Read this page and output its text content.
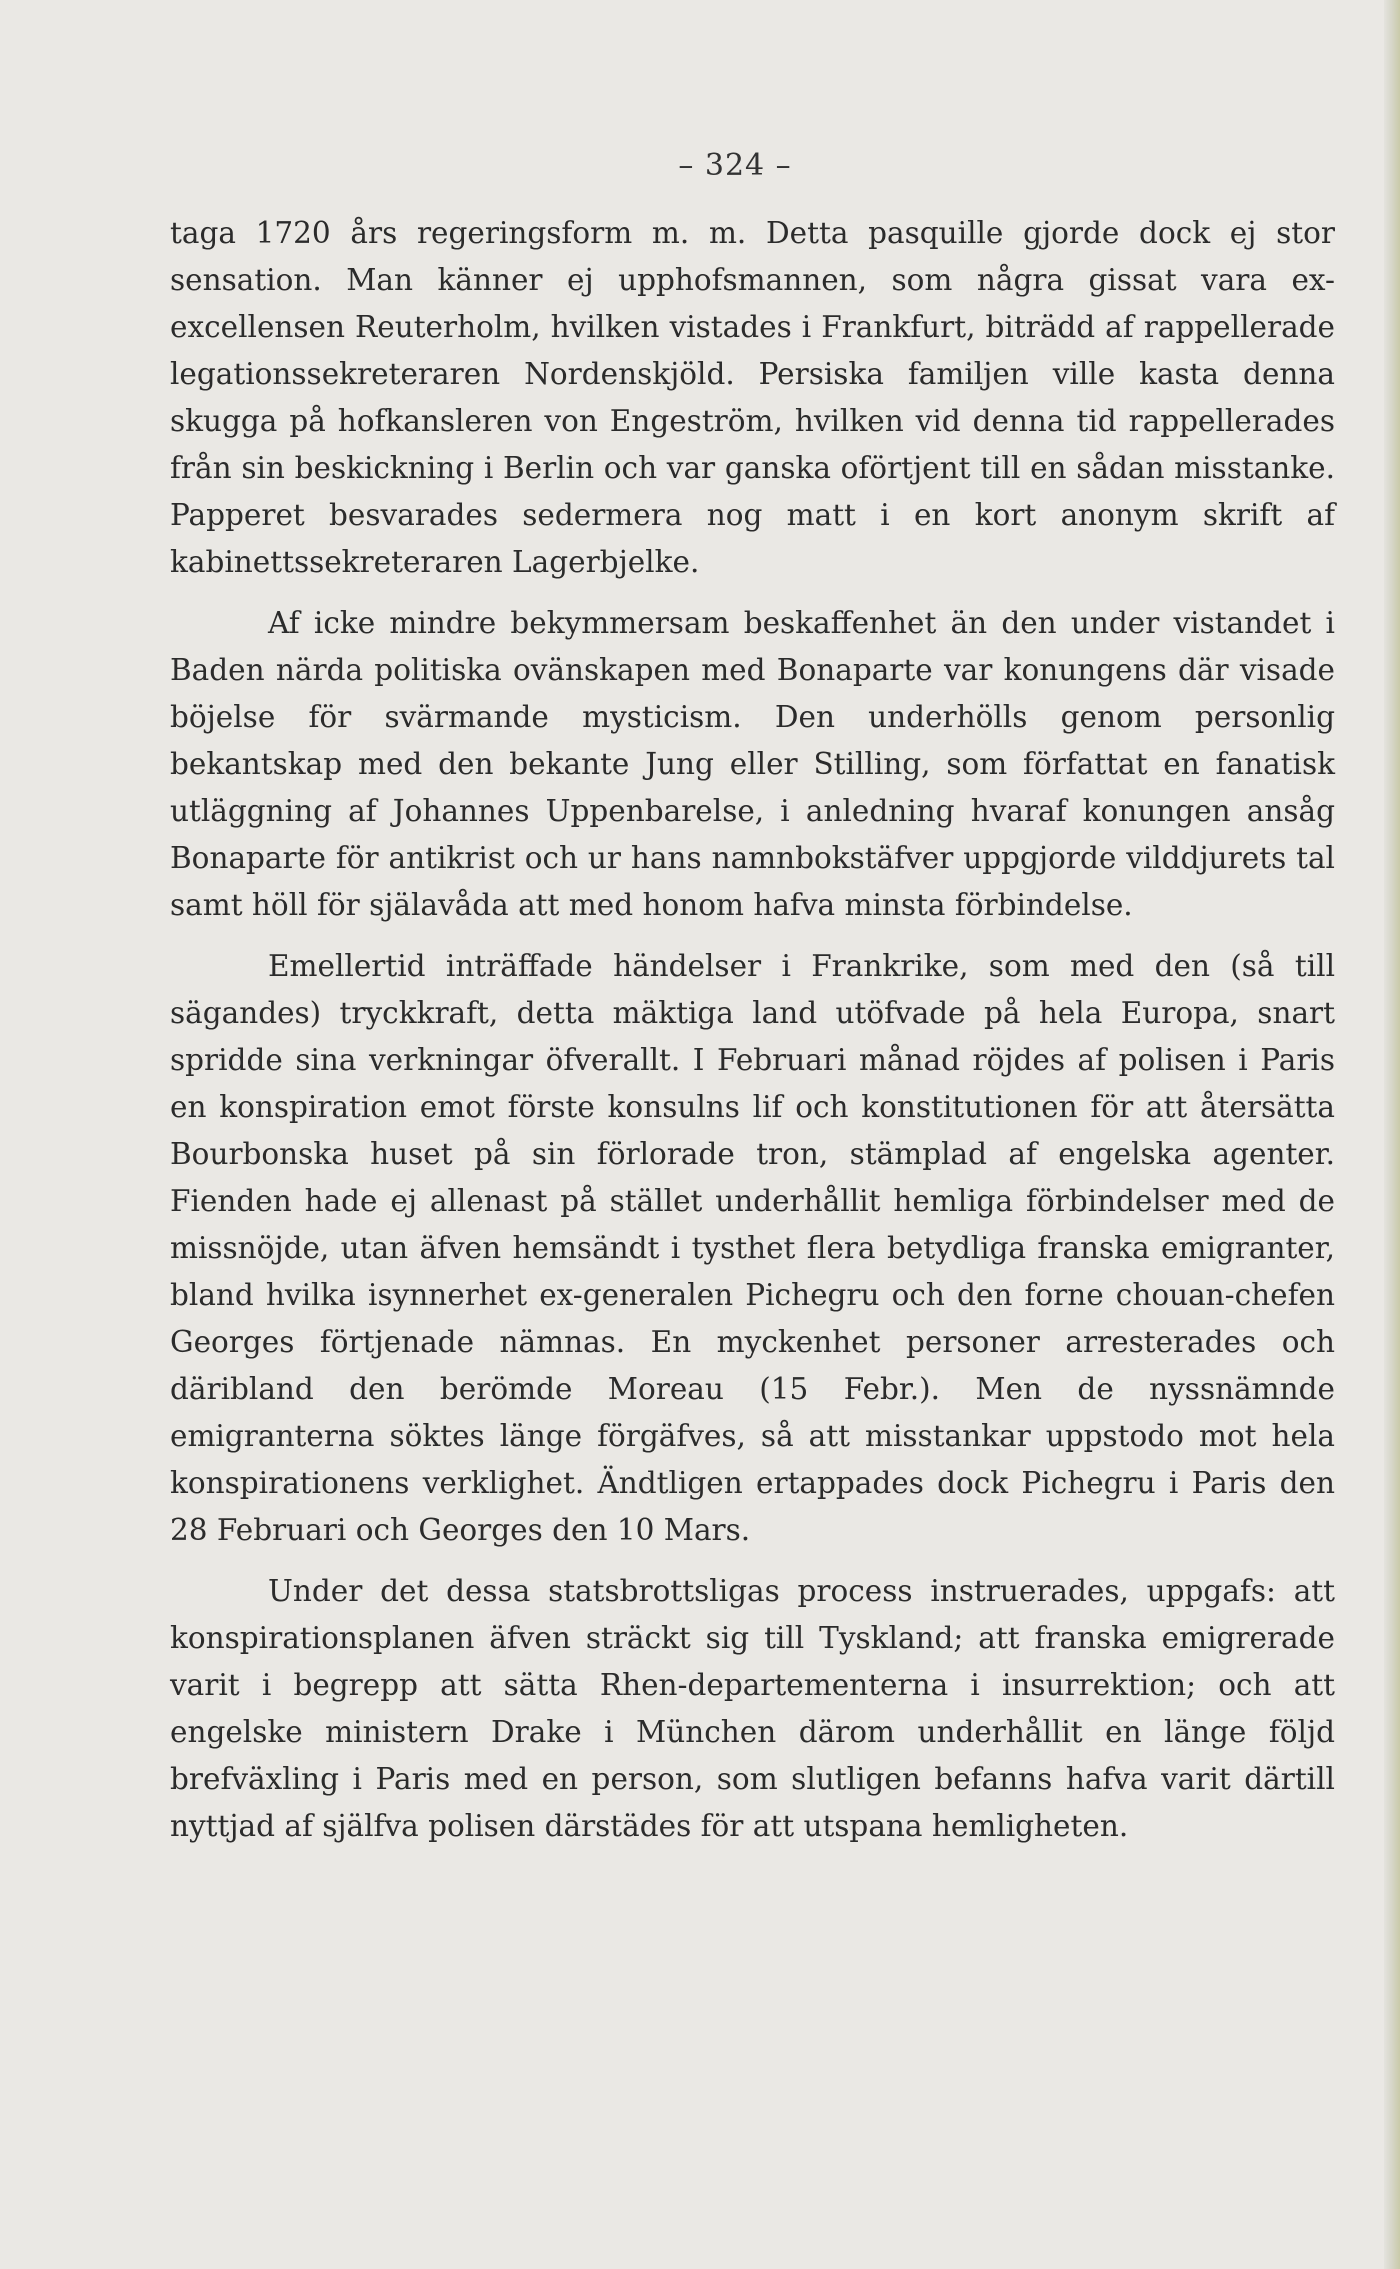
– 324 –

taga 1720 års regeringsform m. m. Detta pasquille gjorde dock ej stor sensation. Man känner ej upphofsmannen, som några gissat vara ex-excellensen Reuterholm, hvilken vistades i Frankfurt, biträdd af rappellerade legationssekreteraren Nordenskjöld. Persiska familjen ville kasta denna skugga på hofkansleren von Engeström, hvilken vid denna tid rappellerades från sin beskickning i Berlin och var ganska oförtjent till en sådan misstanke. Papperet besvarades sedermera nog matt i en kort anonym skrift af kabinettssekreteraren Lagerbjelke.

Af icke mindre bekymmersam beskaffenhet än den under vistandet i Baden närda politiska ovänskapen med Bonaparte var konungens där visade böjelse för svärmande mysticism. Den underhölls genom personlig bekantskap med den bekante Jung eller Stilling, som författat en fanatisk utläggning af Johannes Uppenbarelse, i anledning hvaraf konungen ansåg Bonaparte för antikrist och ur hans namnbokstäfver uppgjorde vilddjurets tal samt höll för själavåda att med honom hafva minsta förbindelse.

Emellertid inträffade händelser i Frankrike, som med den (så till sägandes) tryckkraft, detta mäktiga land utöfvade på hela Europa, snart spridde sina verkningar öfverallt. I Februari månad röjdes af polisen i Paris en konspiration emot förste konsulns lif och konstitutionen för att återsätta Bourbonska huset på sin förlorade tron, stämplad af engelska agenter. Fienden hade ej allenast på stället underhållit hemliga förbindelser med de missnöjde, utan äfven hemsändt i tysthet flera betydliga franska emigranter, bland hvilka isynnerhet ex-generalen Pichegru och den forne chouan-chefen Georges förtjenade nämnas. En myckenhet personer arresterades och däribland den berömde Moreau (15 Febr.). Men de nyssnämnde emigranterna söktes länge förgäfves, så att misstankar uppstodo mot hela konspirationens verklighet. Ändtligen ertappades dock Pichegru i Paris den 28 Februari och Georges den 10 Mars.

Under det dessa statsbrottsligas process instruerades, uppgafs: att konspirationsplanen äfven sträckt sig till Tyskland; att franska emigrerade varit i begrepp att sätta Rhen-departementerna i insurrektion; och att engelske ministern Drake i München därom underhållit en länge följd brefväxling i Paris med en person, som slutligen befanns hafva varit därtill nyttjad af själfva polisen därstädes för att utspana hemligheten.
